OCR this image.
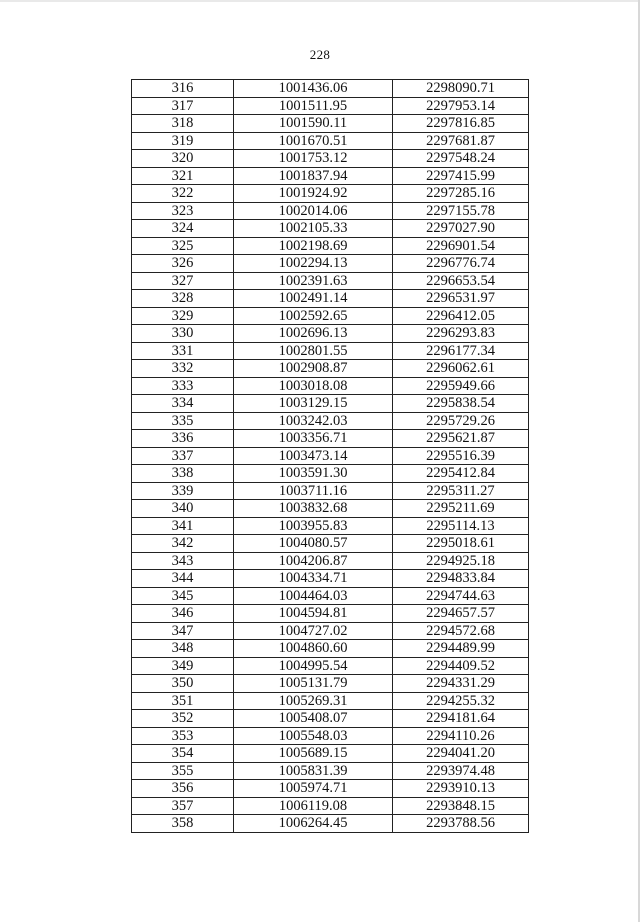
228
316	1001436.06	2298090.71
317	1001511.95	2297953.14
318	1001590.11	2297816.85
319	1001670.51	2297681.87
320	1001753.12	2297548.24
321	1001837.94	2297415.99
322	1001924.92	2297285.16
323	1002014.06	2297155.78
324	1002105.33	2297027.90
325	1002198.69	2296901.54
326	1002294.13	2296776.74
327	1002391.63	2296653.54
328	1002491.14	2296531.97
329	1002592.65	2296412.05
330	1002696.13	2296293.83
331	1002801.55	2296177.34
332	1002908.87	2296062.61
333	1003018.08	2295949.66
334	1003129.15	2295838.54
335	1003242.03	2295729.26
336	1003356.71	2295621.87
337	1003473.14	2295516.39
338	1003591.30	2295412.84
339	1003711.16	2295311.27
340	1003832.68	2295211.69
341	1003955.83	2295114.13
342	1004080.57	2295018.61
343	1004206.87	2294925.18
344	1004334.71	2294833.84
345	1004464.03	2294744.63
346	1004594.81	2294657.57
347	1004727.02	2294572.68
348	1004860.60	2294489.99
349	1004995.54	2294409.52
350	1005131.79	2294331.29
351	1005269.31	2294255.32
352	1005408.07	2294181.64
353	1005548.03	2294110.26
354	1005689.15	2294041.20
355	1005831.39	2293974.48
356	1005974.71	2293910.13
357	1006119.08	2293848.15
358	1006264.45	2293788.56
